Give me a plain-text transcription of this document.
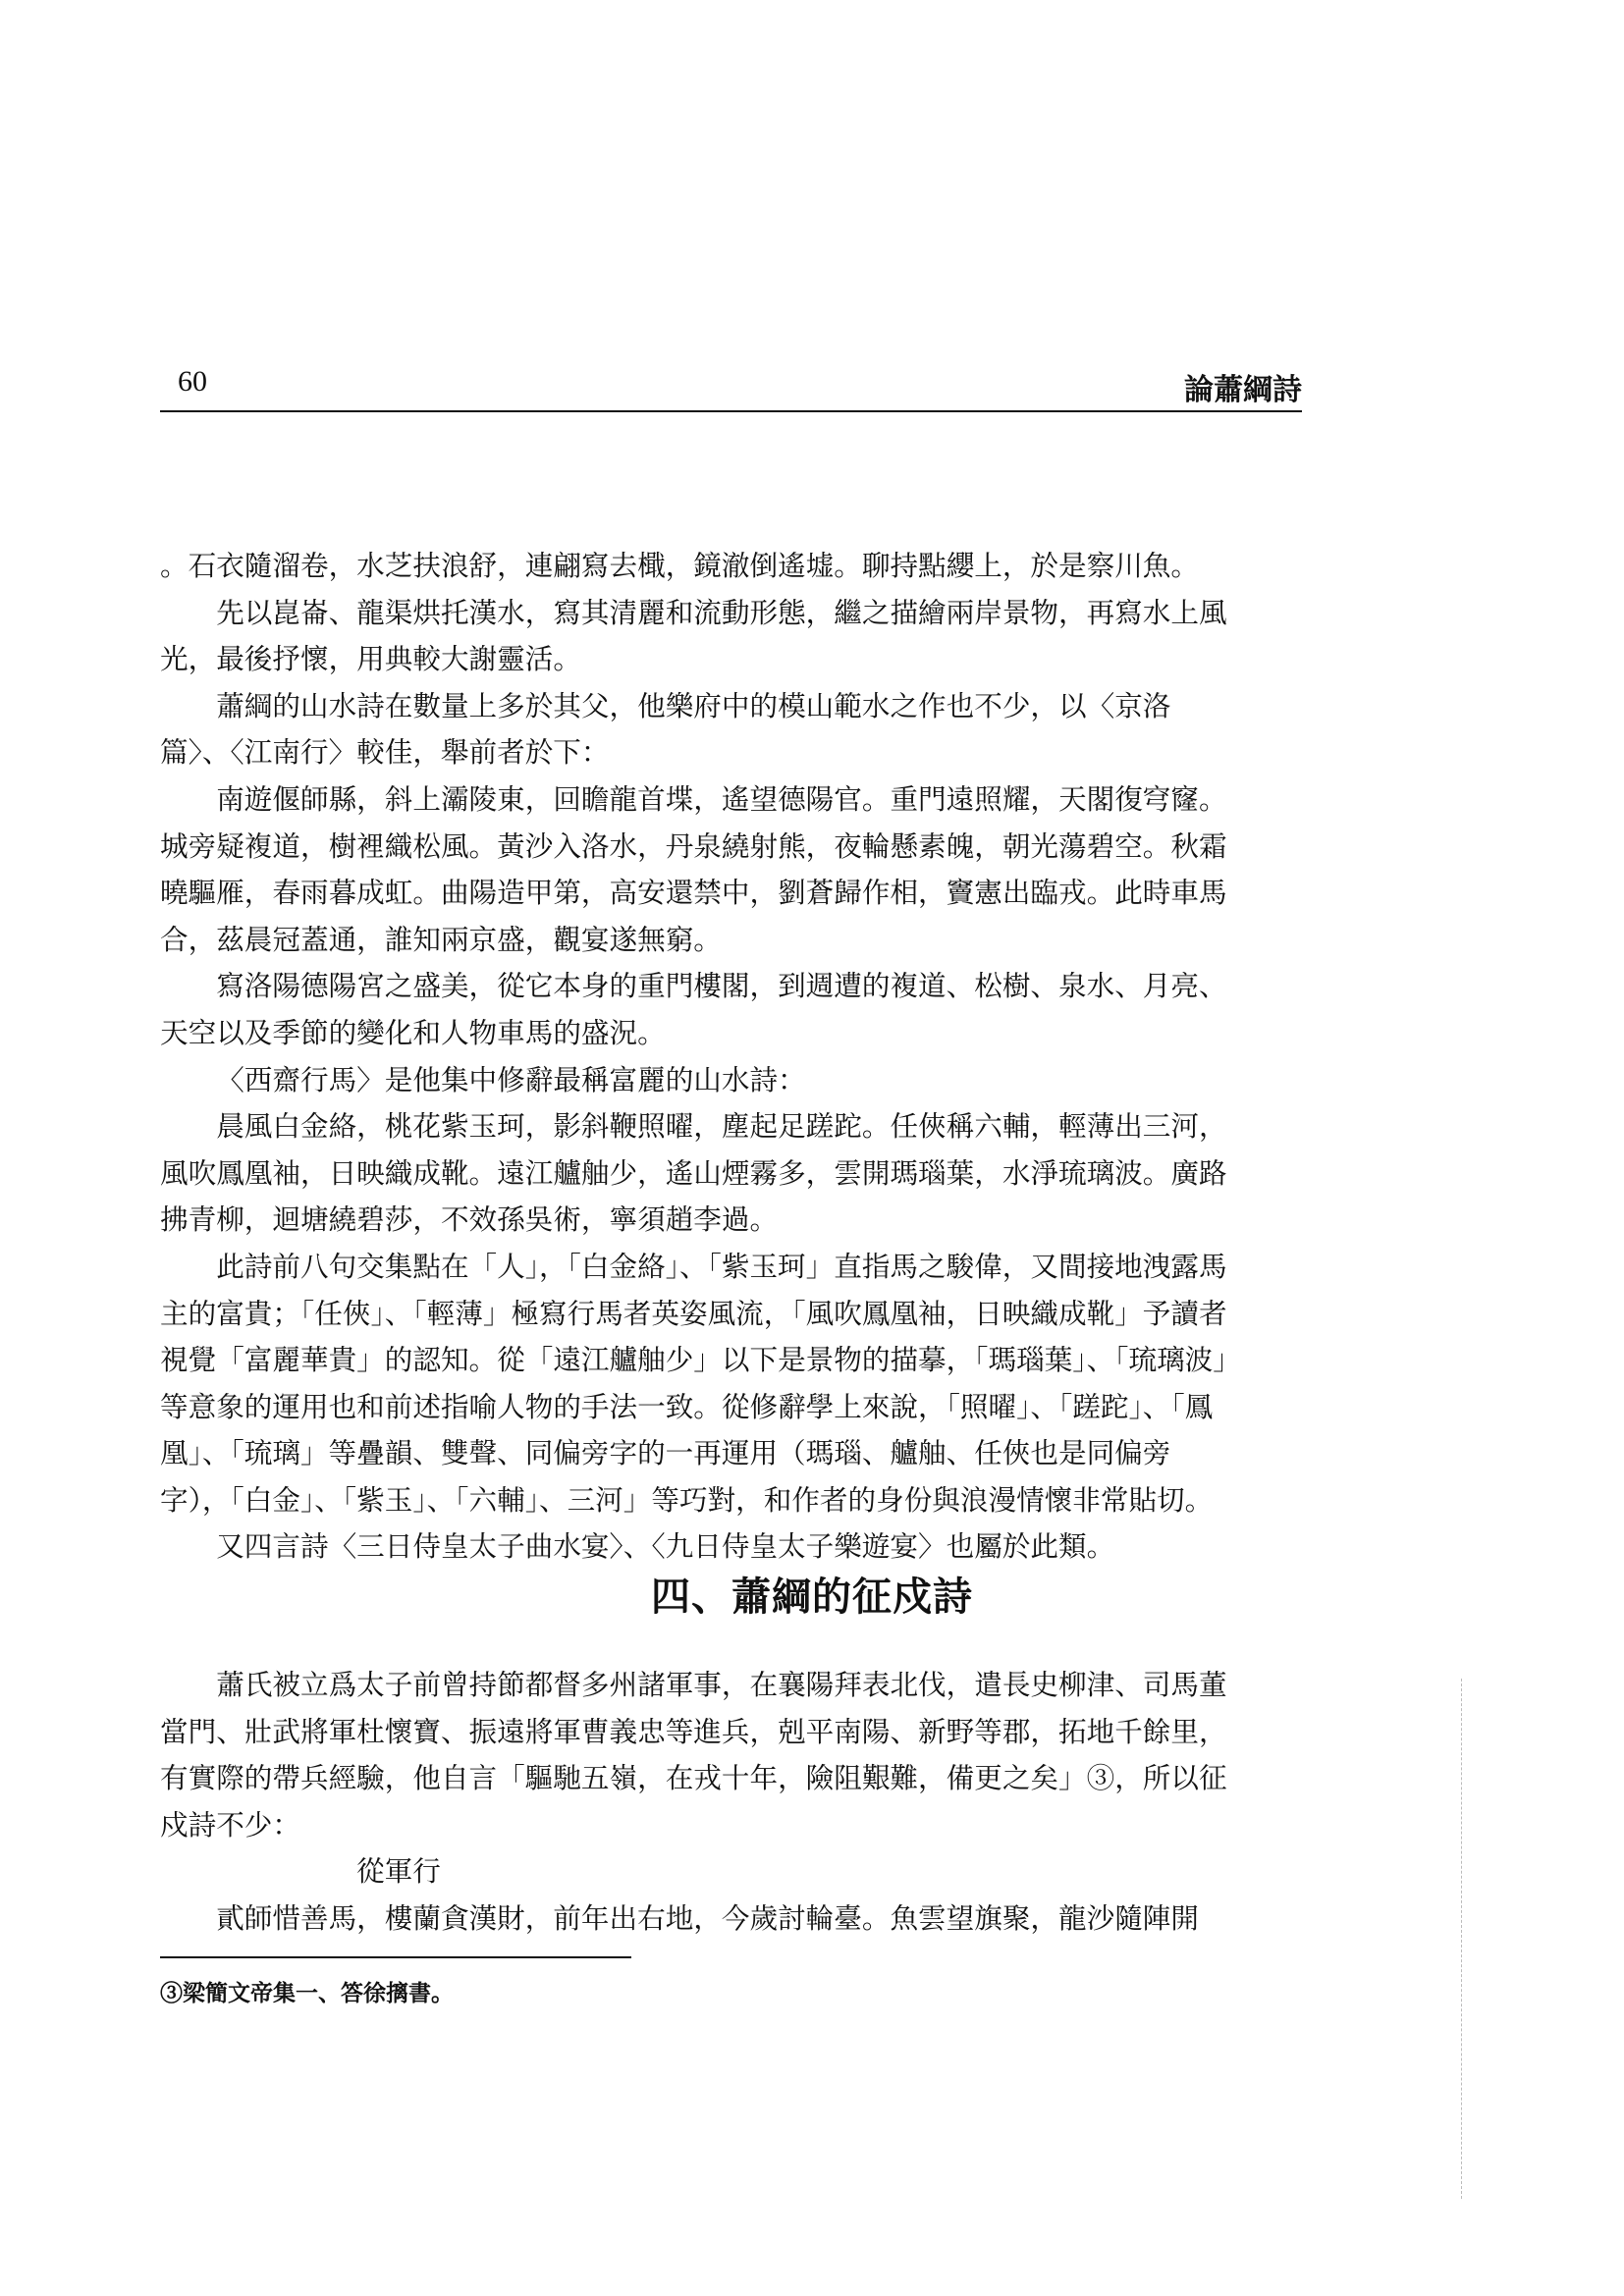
60	論蕭綱詩

。石衣隨溜卷，水芝扶浪舒，連翩寫去檝，鏡澈倒遙墟。聊持點纓上，於是察川魚。

先以崑崙、龍渠烘托漢水，寫其清麗和流動形態，繼之描繪兩岸景物，再寫水上風光，最後抒懷，用典較大謝靈活。

蕭綱的山水詩在數量上多於其父，他樂府中的模山範水之作也不少，以〈京洛篇〉、〈江南行〉較佳，舉前者於下：

南遊偃師縣，斜上灞陵東，回瞻龍首堞，遙望德陽官。重門遠照耀，天閣復穹窿。城旁疑複道，樹裡織松風。黃沙入洛水，丹泉繞射熊，夜輪懸素魄，朝光蕩碧空。秋霜曉驅雁，春雨暮成虹。曲陽造甲第，高安還禁中，劉蒼歸作相，竇憲出臨戎。此時車馬合，茲晨冠蓋通，誰知兩京盛，觀宴遂無窮。

寫洛陽德陽宮之盛美，從它本身的重門樓閣，到週遭的複道、松樹、泉水、月亮、天空以及季節的變化和人物車馬的盛況。

〈西齋行馬〉是他集中修辭最稱富麗的山水詩：

晨風白金絡，桃花紫玉珂，影斜鞭照曜，塵起足蹉跎。任俠稱六輔，輕薄出三河，風吹鳳凰袖，日映織成靴。遠江艫舳少，遙山煙霧多，雲開瑪瑙葉，水淨琉璃波。廣路拂青柳，迴塘繞碧莎，不效孫吳術，寧須趙李過。

此詩前八句交集點在「人」，「白金絡」、「紫玉珂」直指馬之駿偉，又間接地洩露馬主的富貴；「任俠」、「輕薄」極寫行馬者英姿風流，「風吹鳳凰袖，日映織成靴」予讀者視覺「富麗華貴」的認知。從「遠江艫舳少」以下是景物的描摹，「瑪瑙葉」、「琉璃波」等意象的運用也和前述指喻人物的手法一致。從修辭學上來說，「照曜」、「蹉跎」、「鳳凰」、「琉璃」等疊韻、雙聲、同偏旁字的一再運用（瑪瑙、艫舳、任俠也是同偏旁字），「白金」、「紫玉」、「六輔」、三河」等巧對，和作者的身份與浪漫情懷非常貼切。

又四言詩〈三日侍皇太子曲水宴〉、〈九日侍皇太子樂遊宴〉也屬於此類。

四、蕭綱的征戍詩

蕭氏被立爲太子前曾持節都督多州諸軍事，在襄陽拜表北伐，遣長史柳津、司馬董當門、壯武將軍杜懷寶、振遠將軍曹義忠等進兵，剋平南陽、新野等郡，拓地千餘里，有實際的帶兵經驗，他自言「驅馳五嶺，在戎十年，險阻艱難，備更之矣」③，所以征戍詩不少：

從軍行

貳師惜善馬，樓蘭貪漢財，前年出右地，今歲討輪臺。魚雲望旗聚，龍沙隨陣開

③梁簡文帝集一、答徐摛書。
